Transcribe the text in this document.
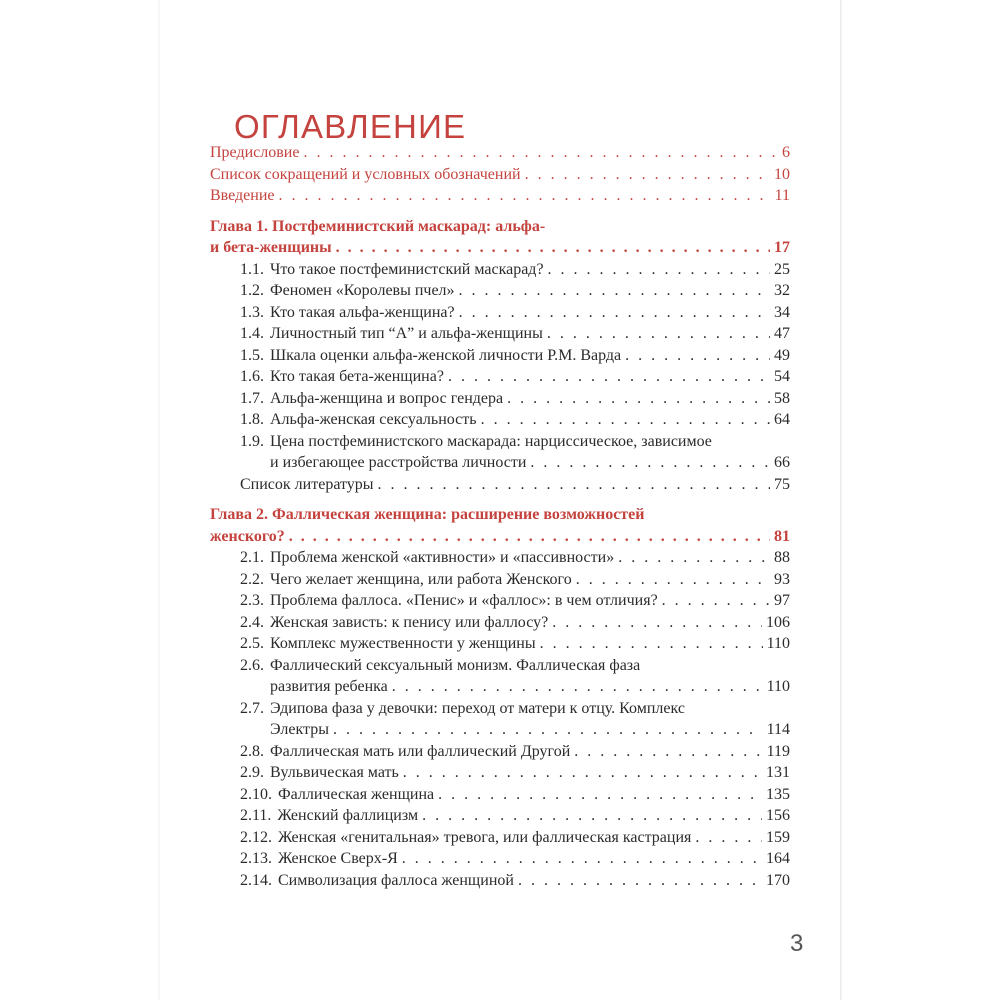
ОГЛАВЛЕНИЕ
Предисловие . . .	6
Список сокращений и условных обозначений . . .	10
Введение . . .	11
Глава 1. Постфеминистский маскарад: альфа-
и бета-женщины . . .	17
1.1. Что такое постфеминистский маскарад? . . .	25
1.2. Феномен «Королевы пчел» . . .	32
1.3. Кто такая альфа-женщина? . . .	34
1.4. Личностный тип “А” и альфа-женщины . . .	47
1.5. Шкала оценки альфа-женской личности Р.М. Варда . . .	49
1.6. Кто такая бета-женщина? . . .	54
1.7. Альфа-женщина и вопрос гендера . . .	58
1.8. Альфа-женская сексуальность . . .	64
1.9. Цена постфеминистского маскарада: нарциссическое, зависимое
и избегающее расстройства личности . . .	66
Список литературы . . .	75
Глава 2. Фаллическая женщина: расширение возможностей
женского? . . .	81
2.1. Проблема женской «активности» и «пассивности» . . .	88
2.2. Чего желает женщина, или работа Женского . . .	93
2.3. Проблема фаллоса. «Пенис» и «фаллос»: в чем отличия? . . .	97
2.4. Женская зависть: к пенису или фаллосу? . . .	106
2.5. Комплекс мужественности у женщины . . .	110
2.6. Фаллический сексуальный монизм. Фаллическая фаза
развития ребенка . . .	110
2.7. Эдипова фаза у девочки: переход от матери к отцу. Комплекс
Электры . . .	114
2.8. Фаллическая мать или фаллический Другой . . .	119
2.9. Вульвическая мать . . .	131
2.10. Фаллическая женщина . . .	135
2.11. Женский фаллицизм . . .	156
2.12. Женская «генитальная» тревога, или фаллическая кастрация . . .	159
2.13. Женское Сверх-Я . . .	164
2.14. Символизация фаллоса женщиной . . .	170
3
